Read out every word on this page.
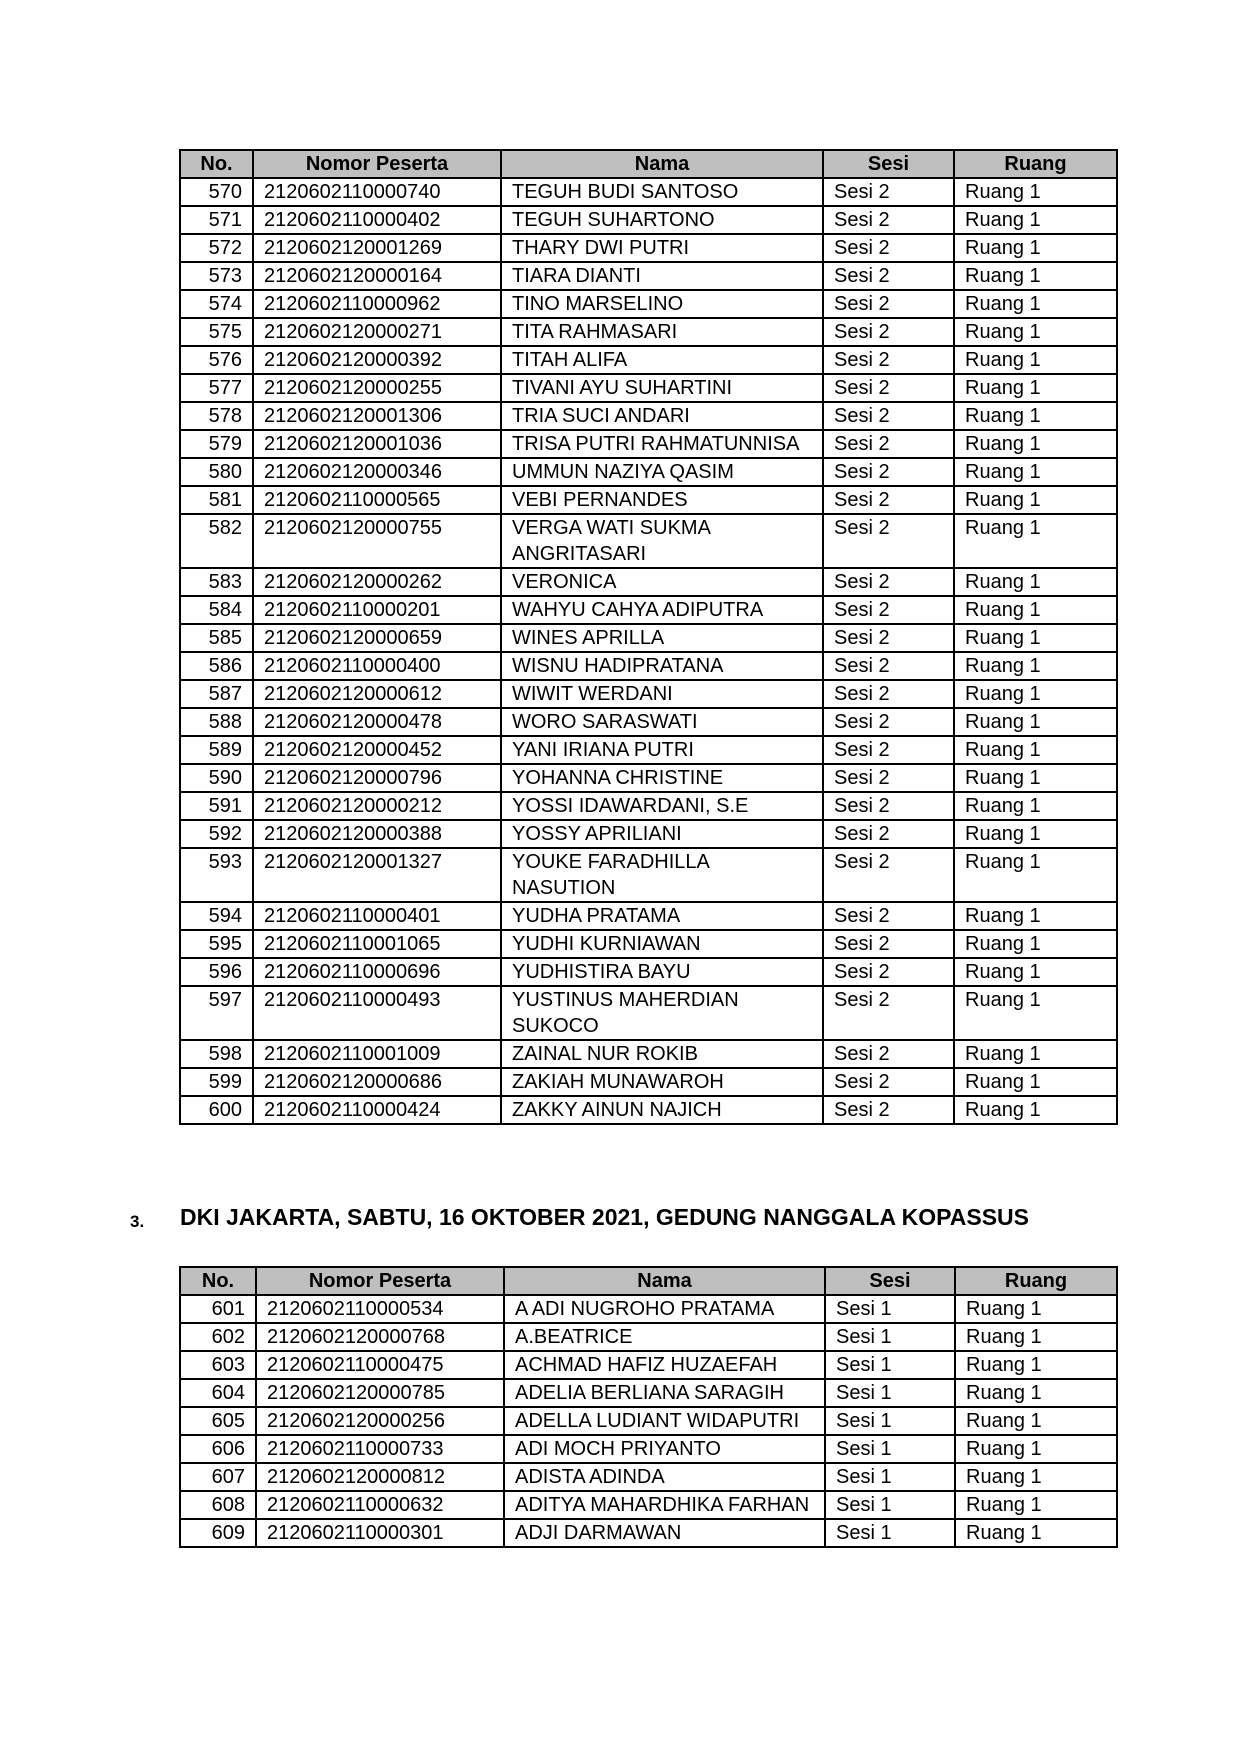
No.	Nomor Peserta	Nama	Sesi	Ruang
570	2120602110000740	TEGUH BUDI SANTOSO	Sesi 2	Ruang 1
571	2120602110000402	TEGUH SUHARTONO	Sesi 2	Ruang 1
572	2120602120001269	THARY DWI PUTRI	Sesi 2	Ruang 1
573	2120602120000164	TIARA DIANTI	Sesi 2	Ruang 1
574	2120602110000962	TINO MARSELINO	Sesi 2	Ruang 1
575	2120602120000271	TITA RAHMASARI	Sesi 2	Ruang 1
576	2120602120000392	TITAH ALIFA	Sesi 2	Ruang 1
577	2120602120000255	TIVANI AYU SUHARTINI	Sesi 2	Ruang 1
578	2120602120001306	TRIA SUCI ANDARI	Sesi 2	Ruang 1
579	2120602120001036	TRISA PUTRI RAHMATUNNISA	Sesi 2	Ruang 1
580	2120602120000346	UMMUN NAZIYA QASIM	Sesi 2	Ruang 1
581	2120602110000565	VEBI PERNANDES	Sesi 2	Ruang 1
582	2120602120000755	VERGA WATI SUKMA ANGRITASARI	Sesi 2	Ruang 1
583	2120602120000262	VERONICA	Sesi 2	Ruang 1
584	2120602110000201	WAHYU CAHYA ADIPUTRA	Sesi 2	Ruang 1
585	2120602120000659	WINES APRILLA	Sesi 2	Ruang 1
586	2120602110000400	WISNU HADIPRATANA	Sesi 2	Ruang 1
587	2120602120000612	WIWIT WERDANI	Sesi 2	Ruang 1
588	2120602120000478	WORO SARASWATI	Sesi 2	Ruang 1
589	2120602120000452	YANI IRIANA PUTRI	Sesi 2	Ruang 1
590	2120602120000796	YOHANNA CHRISTINE	Sesi 2	Ruang 1
591	2120602120000212	YOSSI IDAWARDANI, S.E	Sesi 2	Ruang 1
592	2120602120000388	YOSSY APRILIANI	Sesi 2	Ruang 1
593	2120602120001327	YOUKE FARADHILLA NASUTION	Sesi 2	Ruang 1
594	2120602110000401	YUDHA PRATAMA	Sesi 2	Ruang 1
595	2120602110001065	YUDHI KURNIAWAN	Sesi 2	Ruang 1
596	2120602110000696	YUDHISTIRA BAYU	Sesi 2	Ruang 1
597	2120602110000493	YUSTINUS MAHERDIAN SUKOCO	Sesi 2	Ruang 1
598	2120602110001009	ZAINAL NUR ROKIB	Sesi 2	Ruang 1
599	2120602120000686	ZAKIAH MUNAWAROH	Sesi 2	Ruang 1
600	2120602110000424	ZAKKY AINUN NAJICH	Sesi 2	Ruang 1
3. DKI JAKARTA, SABTU, 16 OKTOBER 2021, GEDUNG NANGGALA KOPASSUS
No.	Nomor Peserta	Nama	Sesi	Ruang
601	2120602110000534	A ADI NUGROHO PRATAMA	Sesi 1	Ruang 1
602	2120602120000768	A.BEATRICE	Sesi 1	Ruang 1
603	2120602110000475	ACHMAD HAFIZ HUZAEFAH	Sesi 1	Ruang 1
604	2120602120000785	ADELIA BERLIANA SARAGIH	Sesi 1	Ruang 1
605	2120602120000256	ADELLA LUDIANT WIDAPUTRI	Sesi 1	Ruang 1
606	2120602110000733	ADI MOCH PRIYANTO	Sesi 1	Ruang 1
607	2120602120000812	ADISTA ADINDA	Sesi 1	Ruang 1
608	2120602110000632	ADITYA MAHARDHIKA FARHAN	Sesi 1	Ruang 1
609	2120602110000301	ADJI DARMAWAN	Sesi 1	Ruang 1
